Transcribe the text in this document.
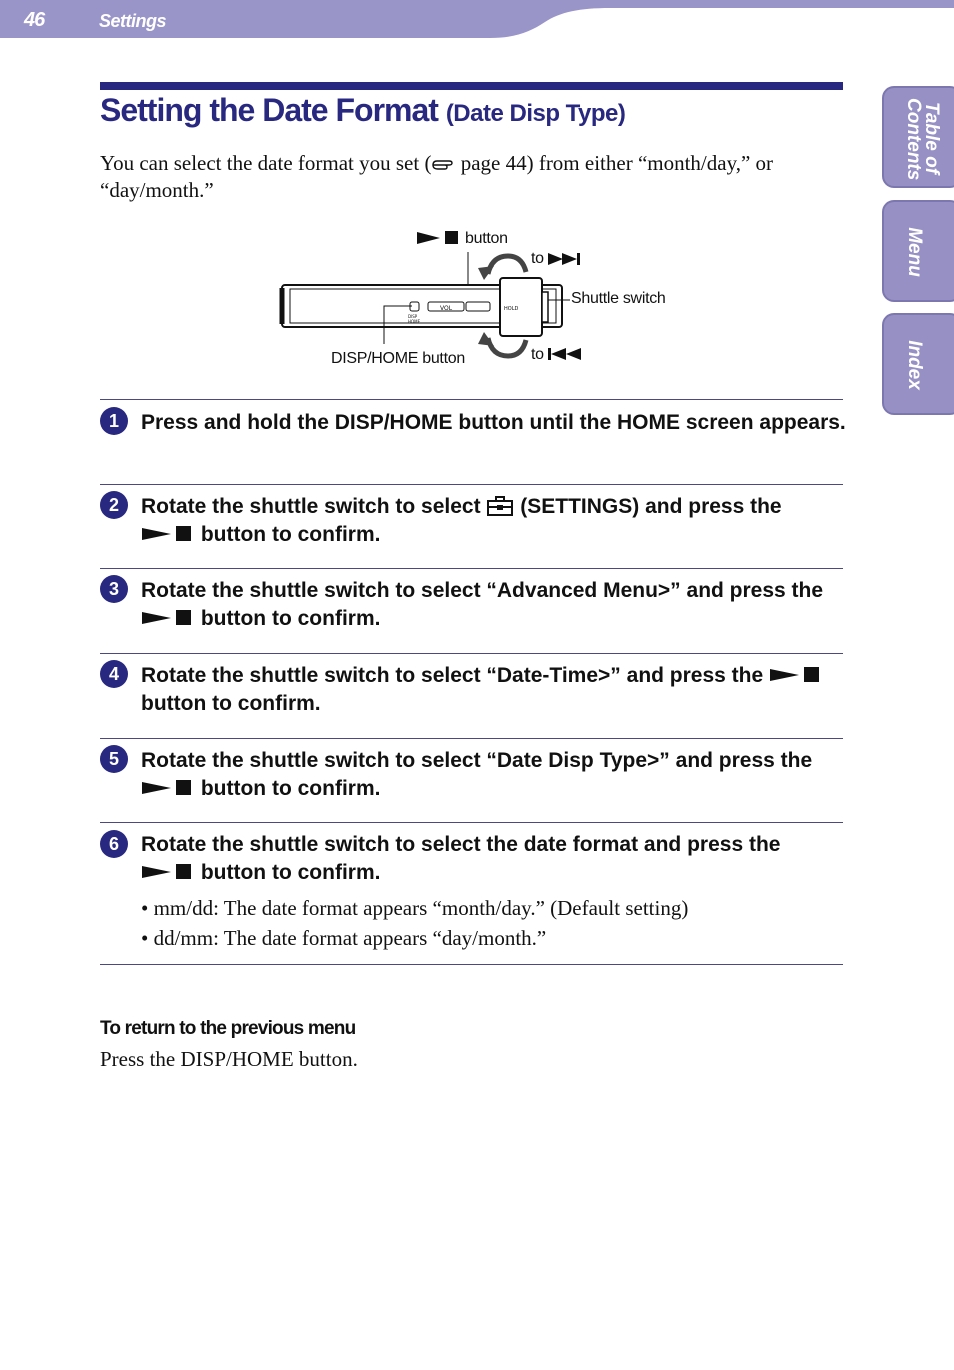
46	Settings
Table of
Contents
Menu
Index
Setting the Date Format (Date Disp Type)
You can select the date format you set ( page 44) from either “month/day,” or “day/month.”
VOL	HOLD
DISP
HOME
button
to
Shuttle switch
to
DISP/HOME button
1	Press and hold the DISP/HOME button until the HOME screen appears.
2	Rotate the shuttle switch to select  (SETTINGS) and press the
button to confirm.
3	Rotate the shuttle switch to select “Advanced Menu>” and press the
button to confirm.
4	Rotate the shuttle switch to select “Date-Time>” and press the
button to confirm.
5	Rotate the shuttle switch to select “Date Disp Type>” and press the
button to confirm.
6	Rotate the shuttle switch to select the date format and press the
button to confirm.
• mm/dd: The date format appears “month/day.” (Default setting)
• dd/mm: The date format appears “day/month.”
To return to the previous menu
Press the DISP/HOME button.
